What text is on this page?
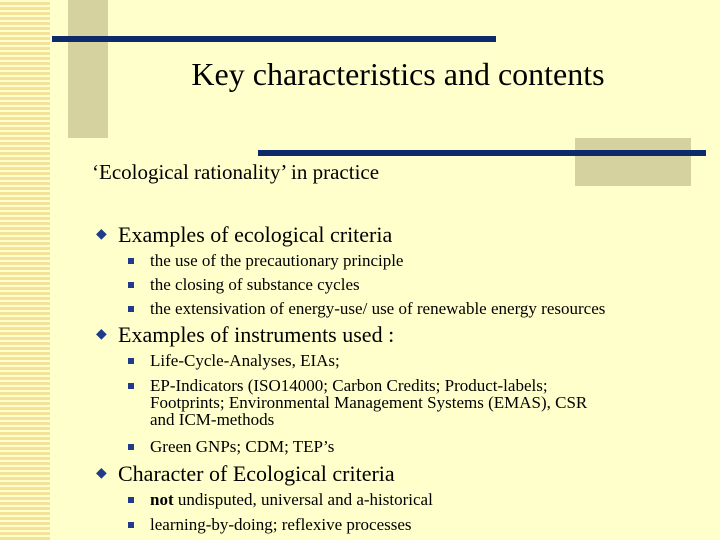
Key characteristics and contents
‘Ecological rationality’ in practice
◆ Examples of ecological criteria
the use of the precautionary principle
the closing of substance cycles
the extensivation of energy-use/ use of renewable energy resources
◆ Examples of instruments used :
Life-Cycle-Analyses, EIAs;
EP-Indicators (ISO14000; Carbon Credits; Product-labels;
Footprints; Environmental Management Systems (EMAS), CSR
and ICM-methods
Green GNPs; CDM; TEP’s
◆ Character of Ecological criteria
not undisputed, universal and a-historical
learning-by-doing; reflexive processes
